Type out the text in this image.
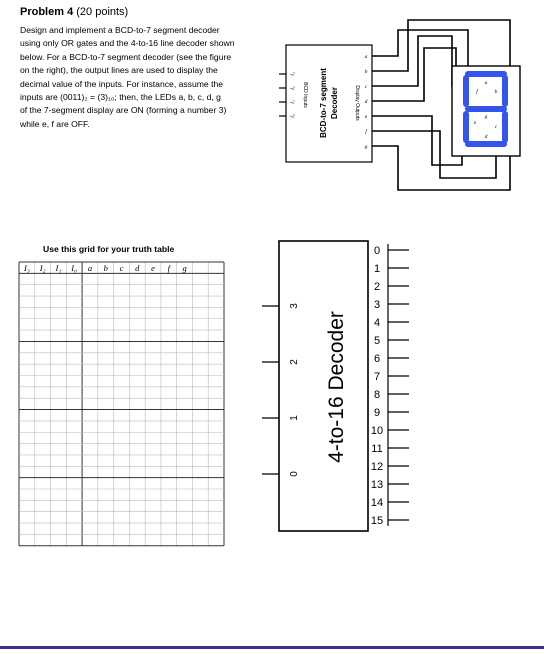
Problem 4 (20 points)
Design and implement a BCD-to-7 segment decoder
using only OR gates and the 4-to-16 line decoder shown
below. For a BCD-to-7 segment decoder (see the figure
on the right), the output lines are used to display the
decimal value of the inputs. For instance, assume the
inputs are (0011)₂ = (3)₁₀; then, the LEDs a, b, c, d, g
of the 7-segment display are ON (forming a number 3)
while e, f are OFF.
Use this grid for your truth table
I₃ I₂ I₁ I₀ a b c d e f g
I₃
I₂
I₁
I₀
BCD Inputs BCD-to-7 segment Decoder	Display Outputs
a
b
c
d
e
f
g
a
b
c
d
e
f
g
3
2
1
0
4-to-16 Decoder
0
1
2
3
4
5
6
7
8
9
10
11
12
13
14
15
